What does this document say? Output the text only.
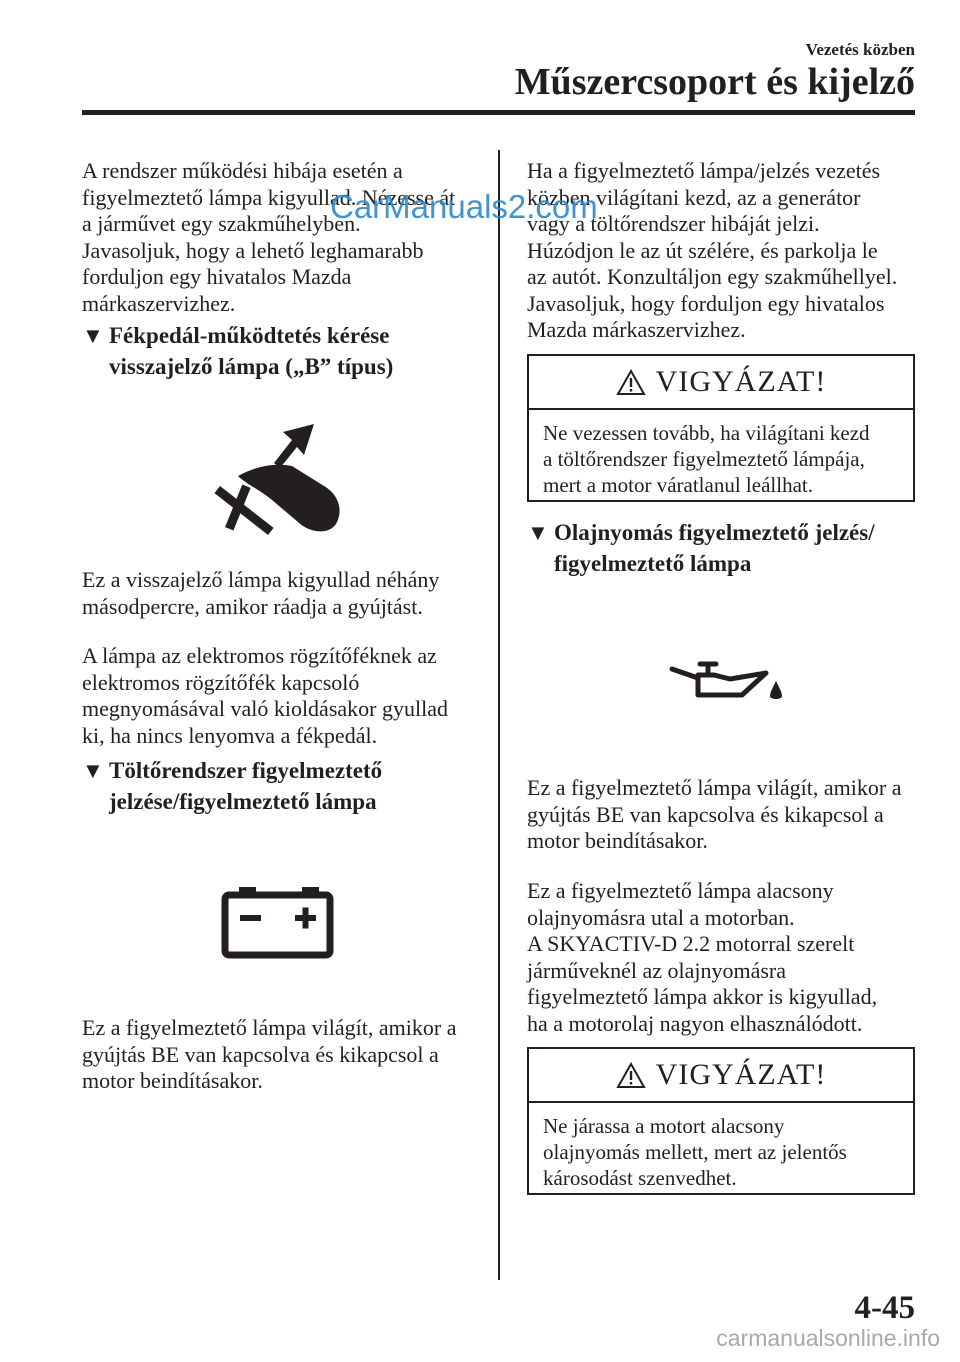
Vezetés közben
Műszercsoport és kijelző

A rendszer működési hibája esetén a
figyelmeztető lámpa kigyullad. Nézesse át
a járművet egy szakműhelyben.
Javasoljuk, hogy a lehető leghamarabb
forduljon egy hivatalos Mazda
márkaszervizhez.

▼ Fékpedál-működtetés kérése
visszajelző lámpa („B” típus)

Ez a visszajelző lámpa kigyullad néhány
másodpercre, amikor ráadja a gyújtást.

A lámpa az elektromos rögzítőféknek az
elektromos rögzítőfék kapcsoló
megnyomásával való kioldásakor gyullad
ki, ha nincs lenyomva a fékpedál.

▼ Töltőrendszer figyelmeztető
jelzése/figyelmeztető lámpa

Ez a figyelmeztető lámpa világít, amikor a
gyújtás BE van kapcsolva és kikapcsol a
motor beindításakor.

Ha a figyelmeztető lámpa/jelzés vezetés
közben világítani kezd, az a generátor
vagy a töltőrendszer hibáját jelzi.
Húzódjon le az út szélére, és parkolja le
az autót. Konzultáljon egy szakműhellyel.
Javasoljuk, hogy forduljon egy hivatalos
Mazda márkaszervizhez.

VIGYÁZAT!
Ne vezessen tovább, ha világítani kezd
a töltőrendszer figyelmeztető lámpája,
mert a motor váratlanul leállhat.
▼ Olajnyomás figyelmeztető jelzés/
figyelmeztető lámpa

Ez a figyelmeztető lámpa világít, amikor a
gyújtás BE van kapcsolva és kikapcsol a
motor beindításakor.

Ez a figyelmeztető lámpa alacsony
olajnyomásra utal a motorban.
A SKYACTIV-D 2.2 motorral szerelt
járműveknél az olajnyomásra
figyelmeztető lámpa akkor is kigyullad,
ha a motorolaj nagyon elhasználódott.

VIGYÁZAT!
Ne járassa a motort alacsony
olajnyomás mellett, mert az jelentős
károsodást szenvedhet.
CarManuals2.com
4-45
carmanualsonline.info
